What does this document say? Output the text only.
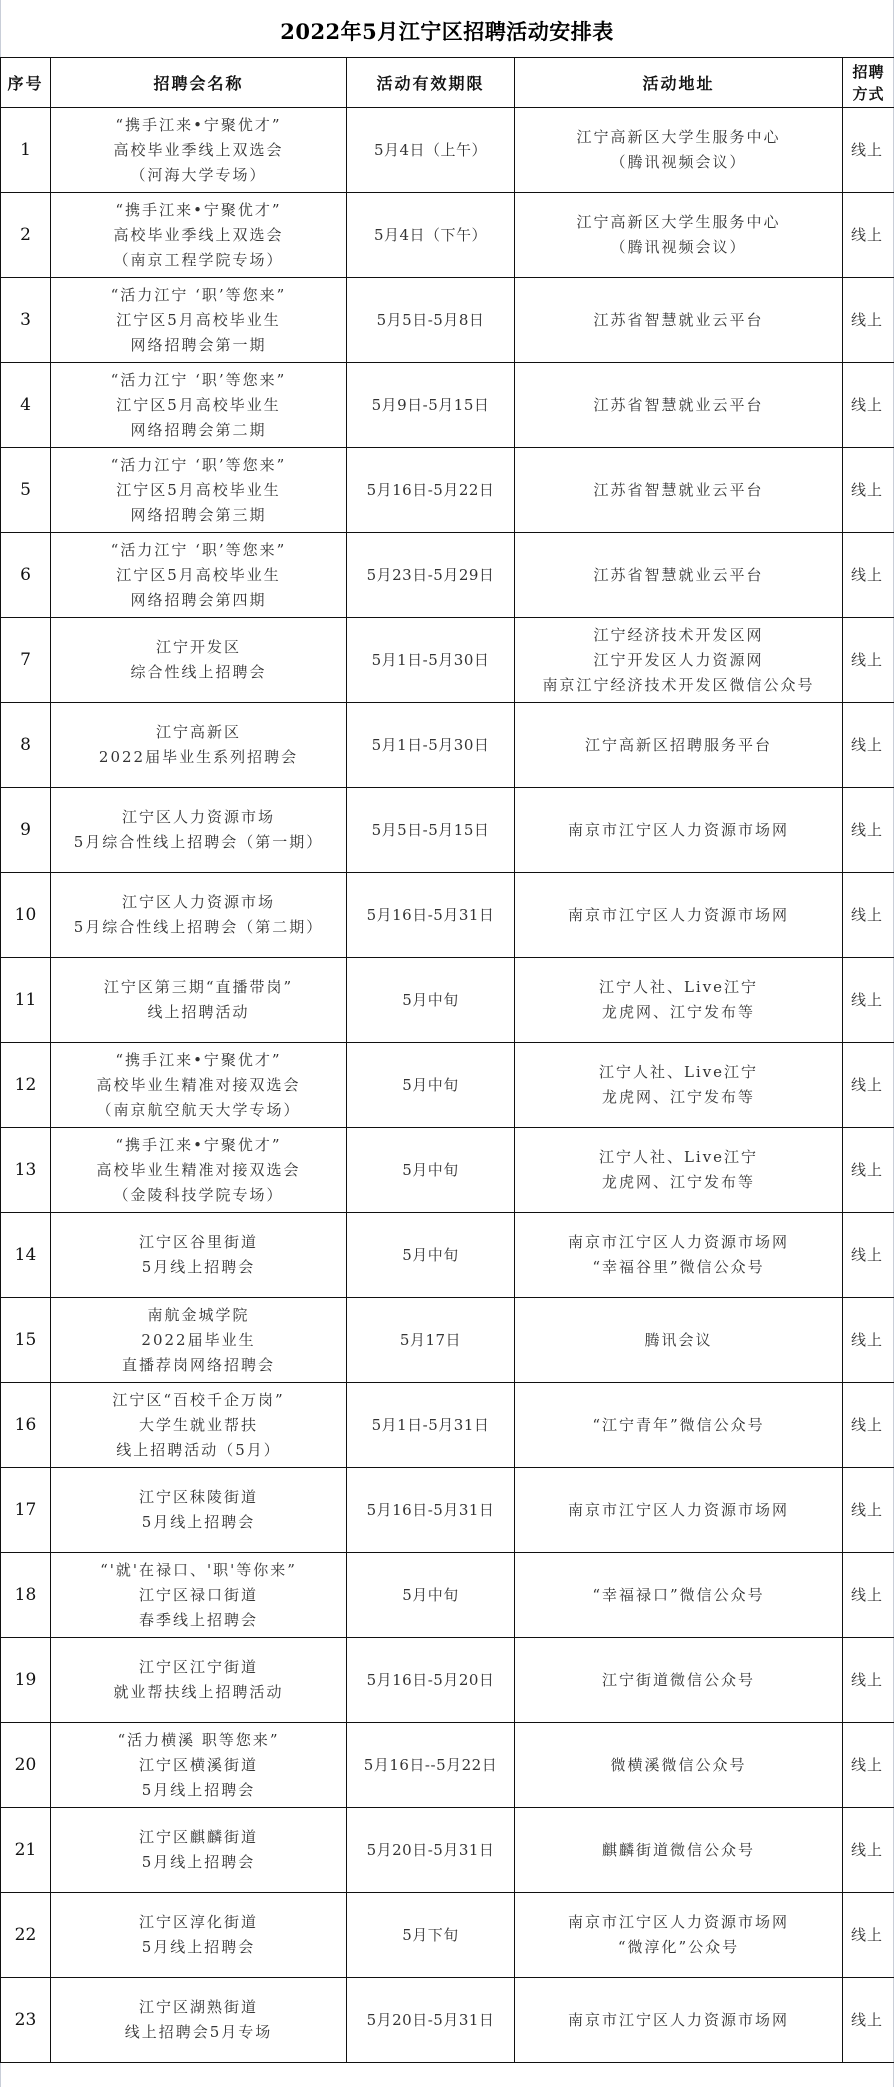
2022年5月江宁区招聘活动安排表
序号	招聘会名称	活动有效期限	活动地址	招聘
方式

1	“携手江来•宁聚优才”
高校毕业季线上双选会
（河海大学专场）	5月4日（上午）	江宁高新区大学生服务中心
（腾讯视频会议）	线上
2	“携手江来•宁聚优才”
高校毕业季线上双选会
（南京工程学院专场）	5月4日（下午）	江宁高新区大学生服务中心
（腾讯视频会议）	线上
3	“活力江宁 ‘职’等您来”
江宁区5月高校毕业生
网络招聘会第一期	5月5日-5月8日	江苏省智慧就业云平台	线上
4	“活力江宁 ‘职’等您来”
江宁区5月高校毕业生
网络招聘会第二期	5月9日-5月15日	江苏省智慧就业云平台	线上
5	“活力江宁 ‘职’等您来”
江宁区5月高校毕业生
网络招聘会第三期	5月16日-5月22日	江苏省智慧就业云平台	线上
6	“活力江宁 ‘职’等您来”
江宁区5月高校毕业生
网络招聘会第四期	5月23日-5月29日	江苏省智慧就业云平台	线上
7	江宁开发区
综合性线上招聘会	5月1日-5月30日	江宁经济技术开发区网
江宁开发区人力资源网
南京江宁经济技术开发区微信公众号	线上
8	江宁高新区
2022届毕业生系列招聘会	5月1日-5月30日	江宁高新区招聘服务平台	线上
9	江宁区人力资源市场
5月综合性线上招聘会（第一期）	5月5日-5月15日	南京市江宁区人力资源市场网	线上
10	江宁区人力资源市场
5月综合性线上招聘会（第二期）	5月16日-5月31日	南京市江宁区人力资源市场网	线上
11	江宁区第三期“直播带岗”
线上招聘活动	5月中旬	江宁人社、Live江宁
龙虎网、江宁发布等	线上
12	“携手江来•宁聚优才”
高校毕业生精准对接双选会
（南京航空航天大学专场）	5月中旬	江宁人社、Live江宁
龙虎网、江宁发布等	线上
13	“携手江来•宁聚优才”
高校毕业生精准对接双选会
（金陵科技学院专场）	5月中旬	江宁人社、Live江宁
龙虎网、江宁发布等	线上
14	江宁区谷里街道
5月线上招聘会	5月中旬	南京市江宁区人力资源市场网
“幸福谷里”微信公众号	线上
15	南航金城学院
2022届毕业生
直播荐岗网络招聘会	5月17日	腾讯会议	线上
16	江宁区“百校千企万岗”
大学生就业帮扶
线上招聘活动（5月）	5月1日-5月31日	“江宁青年”微信公众号	线上
17	江宁区秣陵街道
5月线上招聘会	5月16日-5月31日	南京市江宁区人力资源市场网	线上
18	“'就'在禄口、'职'等你来”
江宁区禄口街道
春季线上招聘会	5月中旬	“幸福禄口”微信公众号	线上
19	江宁区江宁街道
就业帮扶线上招聘活动	5月16日-5月20日	江宁街道微信公众号	线上
20	“活力横溪 职等您来”
江宁区横溪街道
5月线上招聘会	5月16日--5月22日	微横溪微信公众号	线上
21	江宁区麒麟街道
5月线上招聘会	5月20日-5月31日	麒麟街道微信公众号	线上
22	江宁区淳化街道
5月线上招聘会	5月下旬	南京市江宁区人力资源市场网
“微淳化”公众号	线上
23	江宁区湖熟街道
线上招聘会5月专场	5月20日-5月31日	南京市江宁区人力资源市场网	线上
